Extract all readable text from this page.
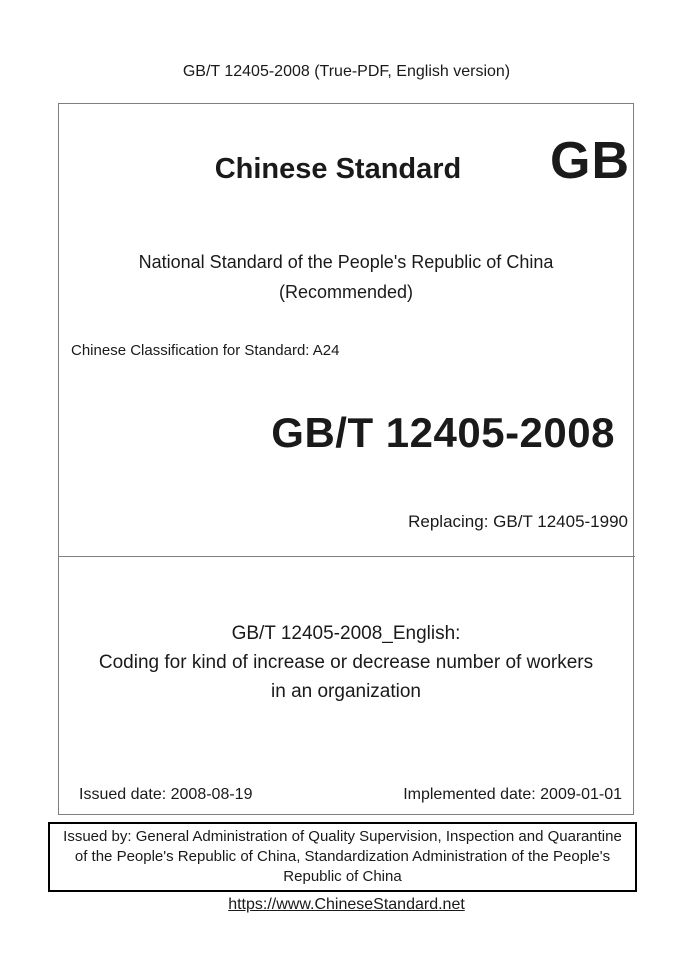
GB/T 12405-2008 (True-PDF, English version)
Chinese Standard	GB
National Standard of the People's Republic of China
(Recommended)
Chinese Classification for Standard: A24
GB/T 12405-2008
Replacing: GB/T 12405-1990
GB/T 12405-2008_English:
Coding for kind of increase or decrease number of workers
in an organization
Issued date: 2008-08-19	Implemented date: 2009-01-01
Issued by: General Administration of Quality Supervision, Inspection and Quarantine of the People's Republic of China, Standardization Administration of the People's Republic of China
https://www.ChineseStandard.net
